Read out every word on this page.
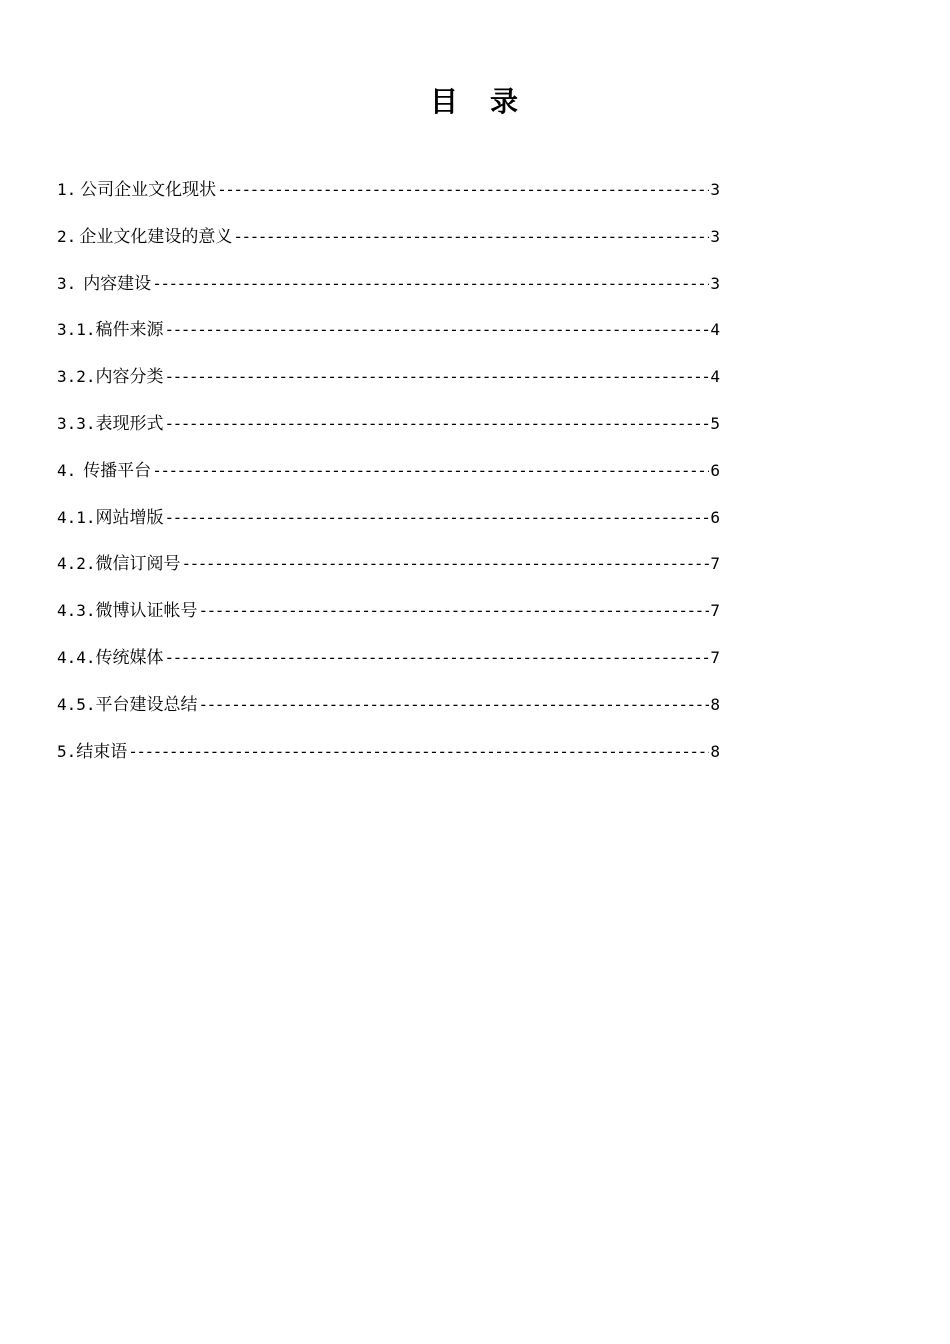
目　录
1. 公司企业文化现状 -----	3
2. 企业文化建设的意义 -----	3
3. 内容建设 -----	3
3.1. 稿件来源 -----	4
3.2. 内容分类 -----	4
3.3. 表现形式 -----	5
4. 传播平台 -----	6
4.1. 网站增版 -----	6
4.2. 微信订阅号 -----	7
4.3. 微博认证帐号 -----	7
4.4. 传统媒体 -----	7
4.5. 平台建设总结 -----	8
5. 结束语 -----	8
